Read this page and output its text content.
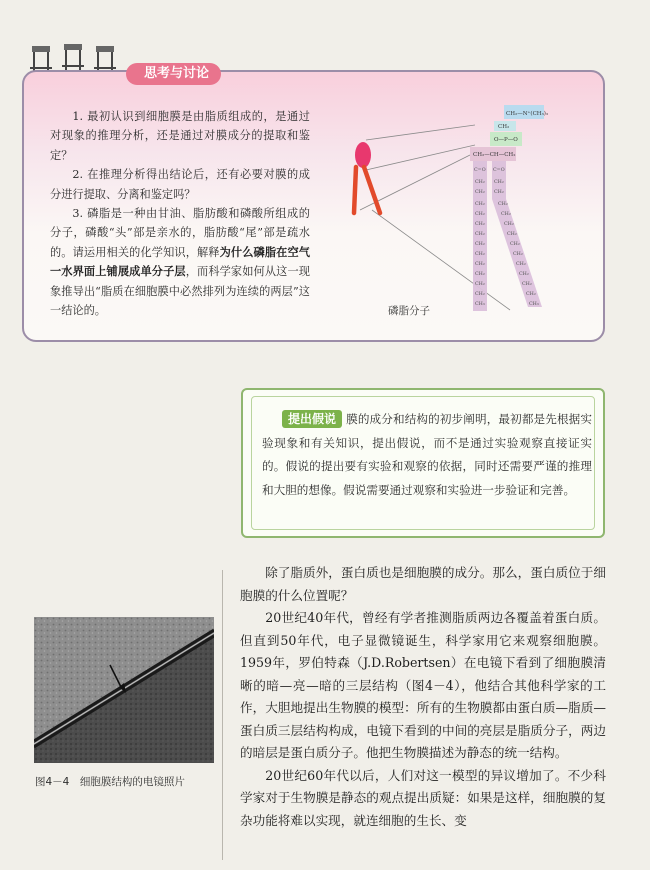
思考与讨论

1. 最初认识到细胞膜是由脂质组成的，是通过对现象的推理分析，还是通过对膜成分的提取和鉴定？

2. 在推理分析得出结论后，还有必要对膜的成分进行提取、分离和鉴定吗？

3. 磷脂是一种由甘油、脂肪酸和磷酸所组成的分子，磷酸“头”部是亲水的，脂肪酸“尾”部是疏水的。请运用相关的化学知识，解释为什么磷脂在空气一水界面上铺展成单分子层，而科学家如何从这一现象推导出“脂质在细胞膜中必然排列为连续的两层”这一结论的。

CH₂—N⁺(CH₃)₃
CH₂
O—P—O
CH₂—CH—CH₂
C=O C=O
CH₂ CH₂
CH₂ CH₂
CH₂	CH₂
CH₂	CH₂
CH₂	CH₂
CH₂	CH₂
CH₂	CH₂
CH₂	CH₂
CH₂	CH₂
CH₂	CH₂
CH₂	CH₂
CH₂	CH₂
CH₃	CH₃
磷脂分子
提出假说 膜的成分和结构的初步阐明，最初都是先根据实验现象和有关知识，提出假说，而不是通过实验观察直接证实的。假说的提出要有实验和观察的依据，同时还需要严谨的推理和大胆的想像。假说需要通过观察和实验进一步验证和完善。
图4－4　细胞膜结构的电镜照片

除了脂质外，蛋白质也是细胞膜的成分。那么，蛋白质位于细胞膜的什么位置呢？

20世纪40年代，曾经有学者推测脂质两边各覆盖着蛋白质。但直到50年代，电子显微镜诞生，科学家用它来观察细胞膜。1959年，罗伯特森（J.D.Robertsen）在电镜下看到了细胞膜清晰的暗—亮—暗的三层结构（图4－4），他结合其他科学家的工作，大胆地提出生物膜的模型：所有的生物膜都由蛋白质—脂质—蛋白质三层结构构成，电镜下看到的中间的亮层是脂质分子，两边的暗层是蛋白质分子。他把生物膜描述为静态的统一结构。

20世纪60年代以后，人们对这一模型的异议增加了。不少科学家对于生物膜是静态的观点提出质疑：如果是这样，细胞膜的复杂功能将难以实现，就连细胞的生长、变
